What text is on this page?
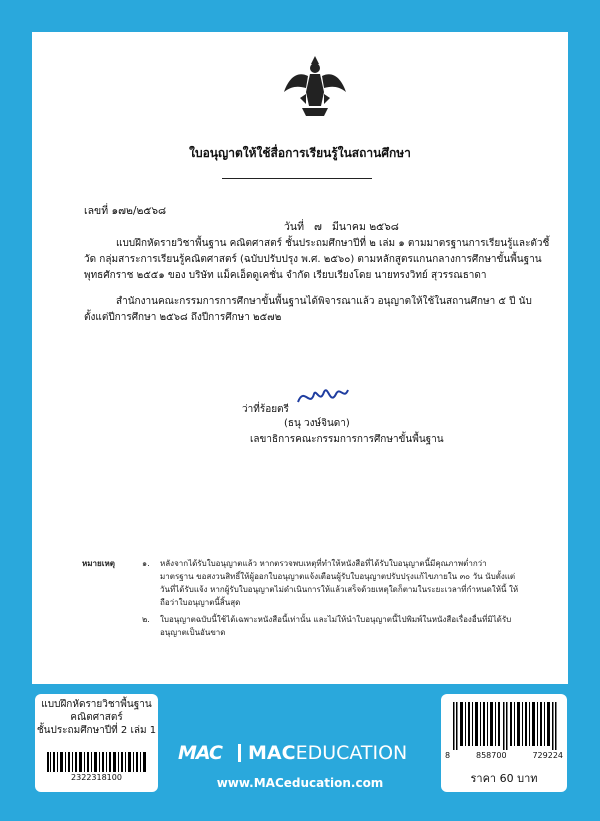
ใบอนุญาตให้ใช้สื่อการเรียนรู้ในสถานศึกษา
เลขที่ ๑๗๒/๒๕๖๘
วันที่ ๗ มีนาคม ๒๕๖๘
แบบฝึกหัดรายวิชาพื้นฐาน คณิตศาสตร์ ชั้นประถมศึกษาปีที่ ๒ เล่ม ๑ ตามมาตรฐานการเรียนรู้และตัวชี้วัด กลุ่มสาระการเรียนรู้คณิตศาสตร์ (ฉบับปรับปรุง พ.ศ. ๒๕๖๐) ตามหลักสูตรแกนกลางการศึกษาขั้นพื้นฐาน พุทธศักราช ๒๕๕๑ ของ บริษัท แม็คเอ็ดดูเคชั่น จำกัด เรียบเรียงโดย นายทรงวิทย์ สุวรรณธาดา
สำนักงานคณะกรรมการการศึกษาขั้นพื้นฐานได้พิจารณาแล้ว อนุญาตให้ใช้ในสถานศึกษา ๕ ปี นับตั้งแต่ปีการศึกษา ๒๕๖๘ ถึงปีการศึกษา ๒๕๗๒
ว่าที่ร้อยตรี
(ธนุ วงษ์จินดา)
เลขาธิการคณะกรรมการการศึกษาขั้นพื้นฐาน
หมายเหตุ	๑. หลังจากได้รับใบอนุญาตแล้ว หากตรวจพบเหตุที่ทำให้หนังสือที่ได้รับใบอนุญาตนี้มีคุณภาพต่ำกว่ามาตรฐาน ขอสงวนสิทธิ์ให้ผู้ออกใบอนุญาตแจ้งเตือนผู้รับใบอนุญาตปรับปรุงแก้ไขภายใน ๓๐ วัน นับตั้งแต่วันที่ได้รับแจ้ง หากผู้รับใบอนุญาตไม่ดำเนินการให้แล้วเสร็จด้วยเหตุใดก็ตามในระยะเวลาที่กำหนดให้นี้ ให้ถือว่าใบอนุญาตนี้สิ้นสุด
๒. ใบอนุญาตฉบับนี้ใช้ได้เฉพาะหนังสือนี้เท่านั้น และไม่ให้นำใบอนุญาตนี้ไปพิมพ์ในหนังสือเรื่องอื่นที่มิได้รับอนุญาตเป็นอันขาด
แบบฝึกหัดรายวิชาพื้นฐาน
คณิตศาสตร์
ชั้นประถมศึกษาปีที่ 2 เล่ม 1
2322318100
MAC MACEDUCATION
www.MACeducation.com
8	858700	729224
ราคา 60 บาท
